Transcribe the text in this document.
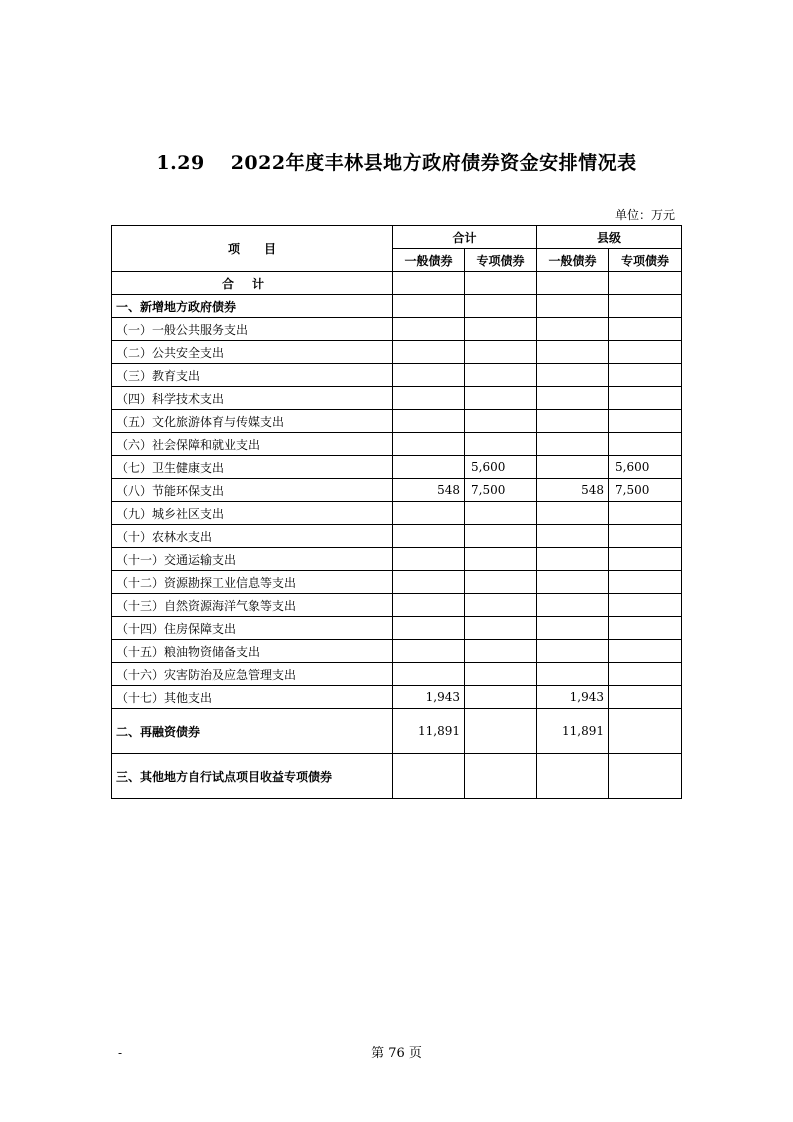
1.29 2022年度丰林县地方政府债券资金安排情况表
单位：万元
项　　目	合计		县级	
	一般债券	专项债券	一般债券	专项债券
合计				
一、新增地方政府债券				
（一）一般公共服务支出				
（二）公共安全支出				
（三）教育支出				
（四）科学技术支出				
（五）文化旅游体育与传媒支出				
（六）社会保障和就业支出				
（七）卫生健康支出		5,600		5,600
（八）节能环保支出	548	7,500	548	7,500
（九）城乡社区支出				
（十）农林水支出				
（十一）交通运输支出				
（十二）资源勘探工业信息等支出				
（十三）自然资源海洋气象等支出				
（十四）住房保障支出				
（十五）粮油物资储备支出				
（十六）灾害防治及应急管理支出				
（十七）其他支出	1,943		1,943	
二、再融资债券	11,891		11,891	
三、其他地方自行试点项目收益专项债券				
-	第 76 页
